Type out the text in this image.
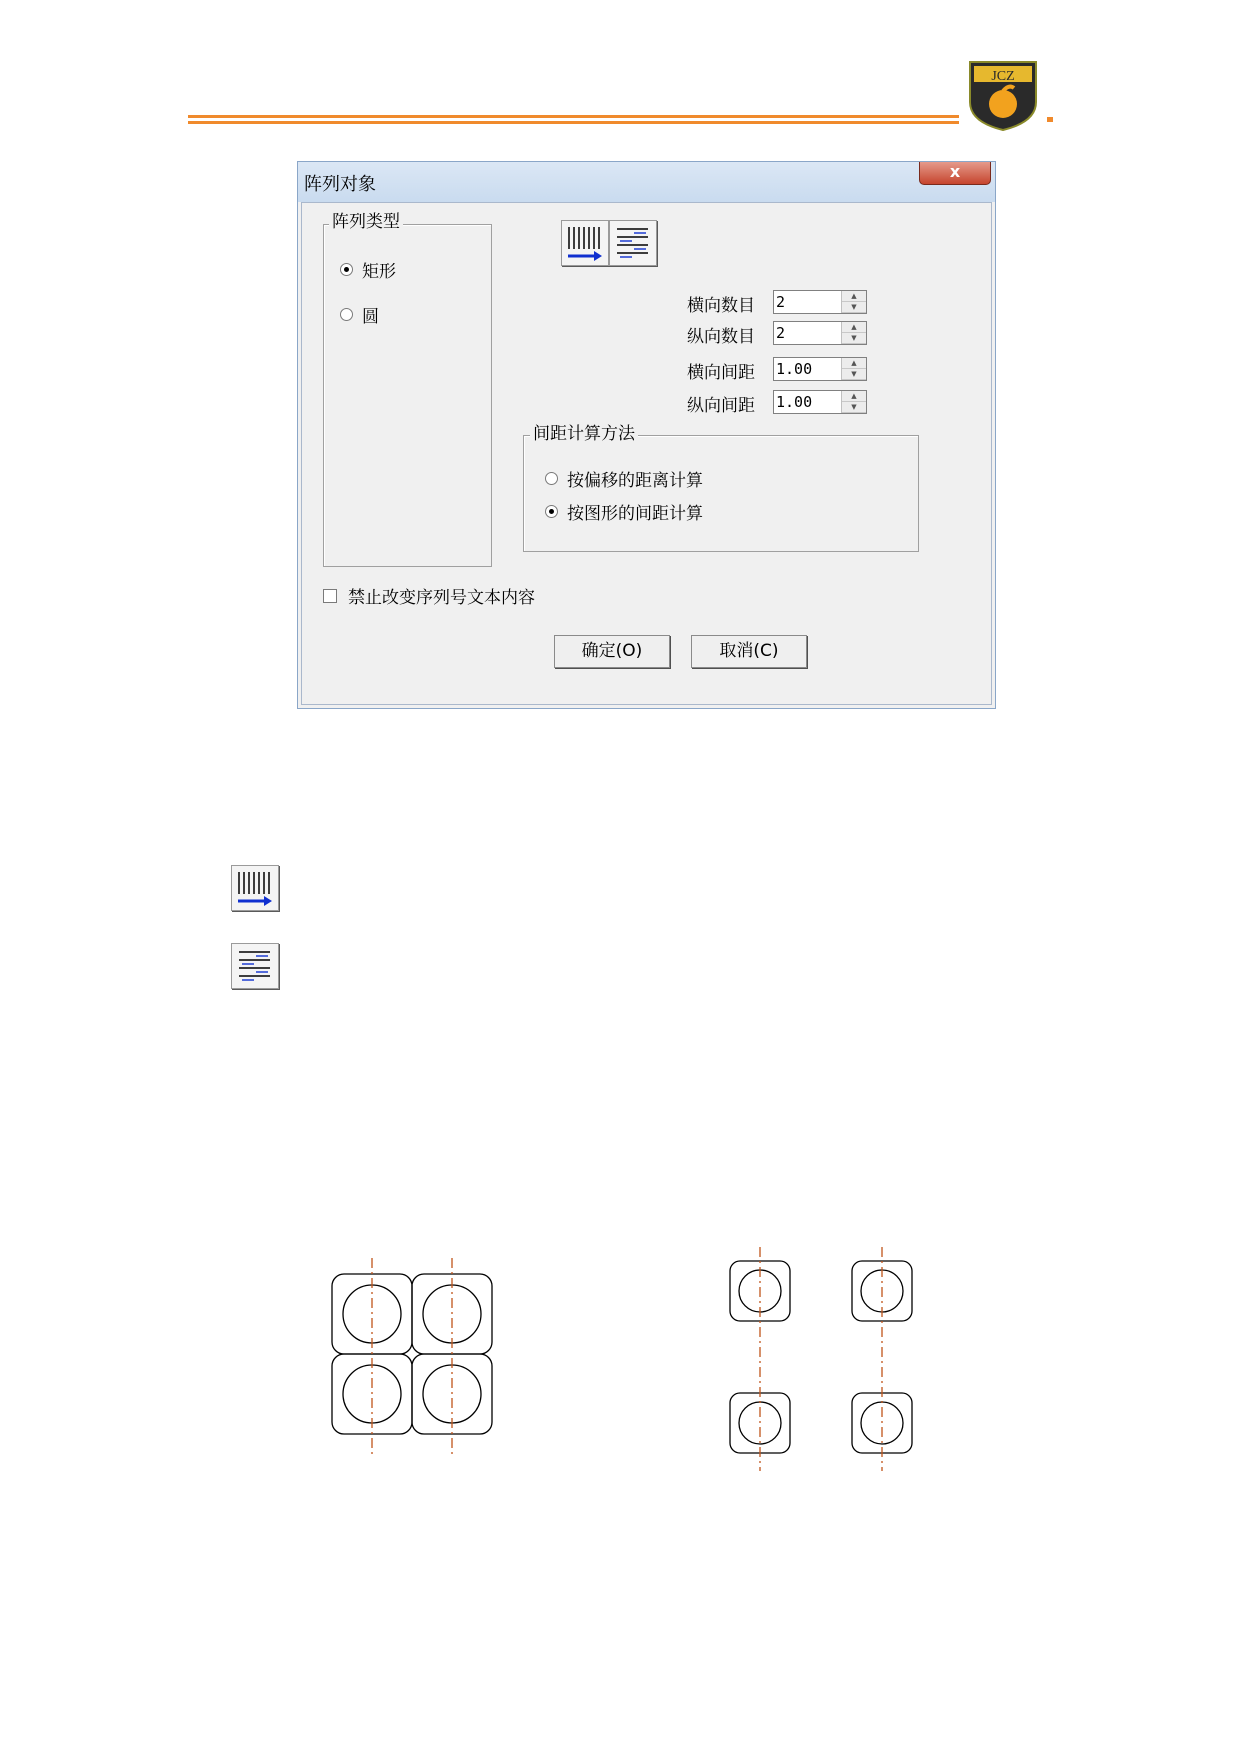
JCZ
阵列对象
x
阵列类型
矩形
圆
横向数目 2	▲
▼
纵向数目 2	▲
▼
横向间距 1.00	▲
▼
纵向间距 1.00	▲
▼
间距计算方法
按偏移的距离计算
按图形的间距计算
禁止改变序列号文本内容
确定(O)	取消(C)
